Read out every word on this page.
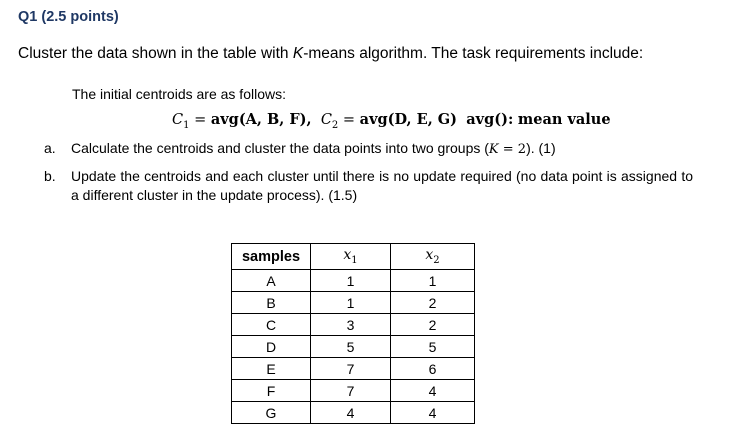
Q1 (2.5 points)
Cluster the data shown in the table with K-means algorithm. The task requirements include:
The initial centroids are as follows:
$C_1 = avg(A$, B, F), $C_2 = avg(D$, E, G) avg(): mean value
a. Calculate the centroids and cluster the data points into two groups (K = 2). (1)
b. Update the centroids and each cluster until there is no update required (no data point is assigned to a different cluster in the update process). (1.5)
samples	$x_1$	$x_2$
A	1	1
B	1	2
C	3	2
D	5	5
E	7	6
F	7	4
G	4	4
